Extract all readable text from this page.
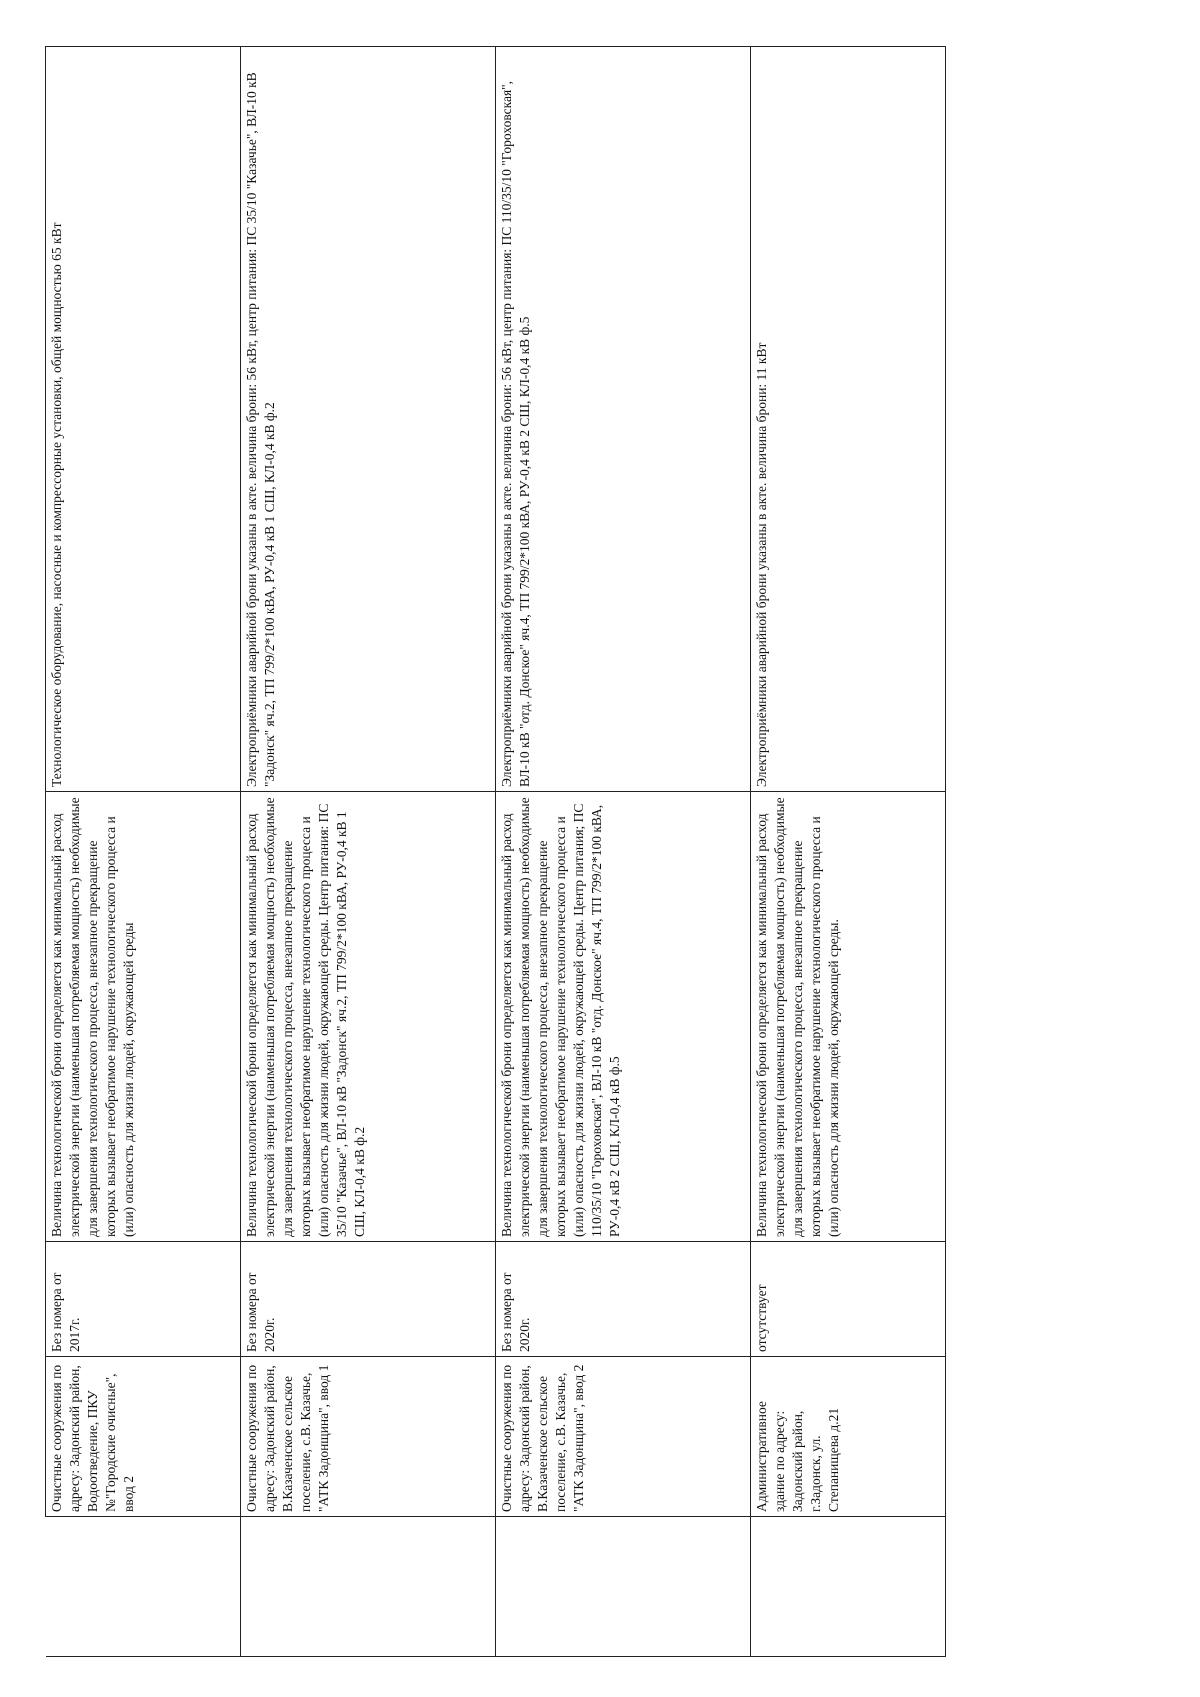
	Очистные сооружения по адресу: Задонский район, Водоотведение, ПКУ №"Городские очисные", ввод 2	Без номера от 2017г.	Величина технологической брони определяется как минимальный расход электрической энергии (наименьшая потребляемая мощность) необходимые для завершения технологического процесса, внезапное прекращение которых вызывает необратимое нарушение технологического процесса и (или) опасность для жизни людей, окружающей среды	Технологическое оборудование, насосные и компрессорные установки, общей мощностью 65 кВт
	Очистные сооружения по адресу: Задонский район, В.Казаченское сельское поселение, с.В. Казачье, "АТК Задонщина", ввод 1	Без номера от 2020г.	Величина технологической брони определяется как минимальный расход электрической энергии (наименьшая потребляемая мощность) необходимые для завершения технологического процесса, внезапное прекращение которых вызывает необратимое нарушение технологического процесса и (или) опасность для жизни людей, окружающей среды. Центр питания: ПС 35/10 "Казачье", ВЛ-10 кВ "Задонск" яч.2, ТП 799/2*100 кВА, РУ-0,4 кВ 1 СШ, КЛ-0,4 кВ ф.2	Электроприёмники аварийной брони указаны в акте. величина брони: 56 кВт, центр питания: ПС 35/10 "Казачье", ВЛ-10 кВ "Задонск" яч.2, ТП 799/2*100 кВА, РУ-0,4 кВ 1 СШ, КЛ-0,4 кВ ф.2
	Очистные сооружения по адресу: Задонский район, В.Казаченское сельское поселение, с.В. Казачье, "АТК Задонщина", ввод 2	Без номера от 2020г.	Величина технологической брони определяется как минимальный расход электрической энергии (наименьшая потребляемая мощность) необходимые для завершения технологического процесса, внезапное прекращение которых вызывает необратимое нарушение технологического процесса и (или) опасность для жизни людей, окружающей среды. Центр питания; ПС 110/35/10 "Гороховская", ВЛ-10 кВ "отд. Донское" яч.4, ТП 799/2*100 кВА, РУ-0,4 кВ 2 СШ, КЛ-0,4 кВ ф.5	Электроприёмники аварийной брони указаны в акте. величина брони: 56 кВт, центр питания: ПС 110/35/10 "Гороховская", ВЛ-10 кВ "отд. Донское" яч.4, ТП 799/2*100 кВА, РУ-0,4 кВ 2 СШ, КЛ-0,4 кВ ф.5
	Административное здание по адресу: Задонский район, г.Задонск, ул. Степанищева д.21	отсутствует	Величина технологической брони определяется как минимальный расход электрической энергии (наименьшая потребляемая мощность) необходимые для завершения технологического процесса, внезапное прекращение которых вызывает необратимое нарушение технологического процесса и (или) опасность для жизни людей, окружающей среды.	Электроприёмники аварийной брони указаны в акте. величина брони: 11 кВт
